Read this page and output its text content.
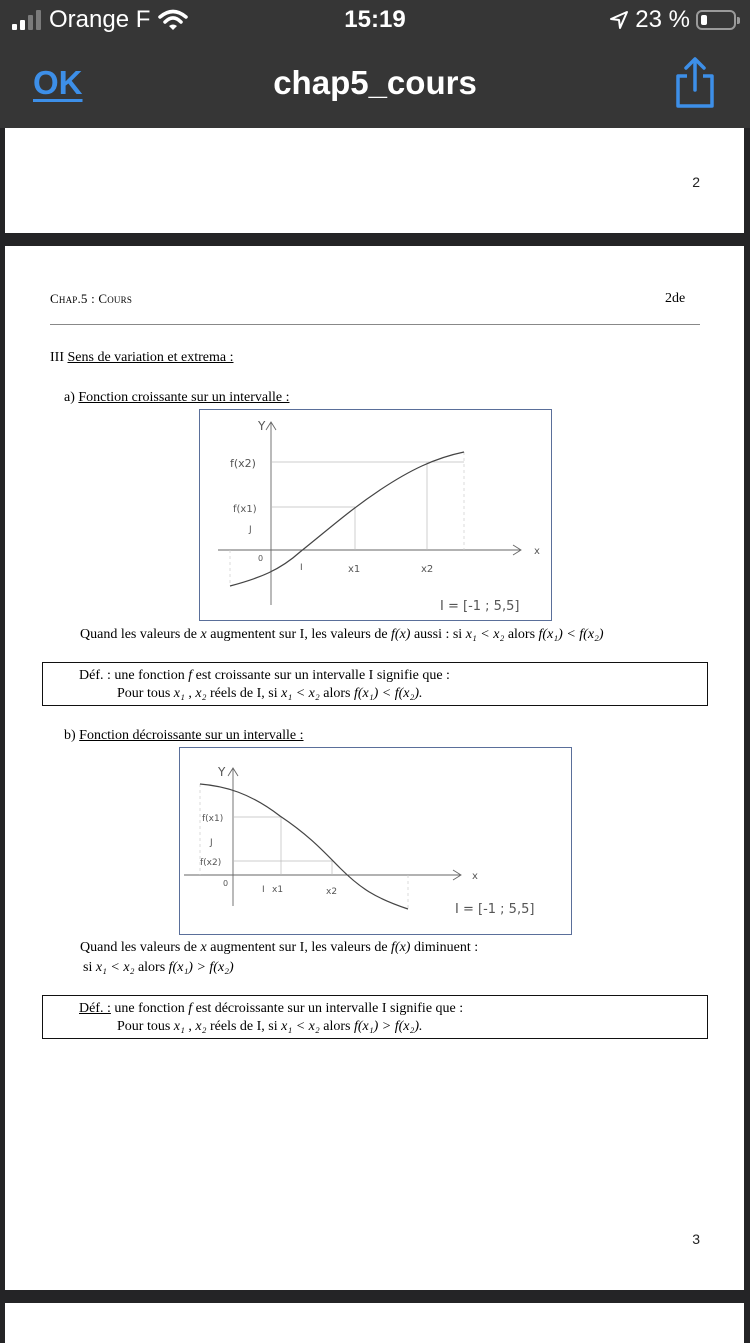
Orange F	15:19	23 %
OK	chap5_cours
2
3
Chap.5 : Cours	2de
III Sens de variation et extrema :
a) Fonction croissante sur un intervalle :
Y
x
0
f(x2)
f(x1)
J
I	x1	x2
I = [-1 ; 5,5]
Quand les valeurs de x augmentent sur I, les valeurs de f(x) aussi : si x₁ < x₂ alors f(x₁) < f(x₂)
Déf. : une fonction f est croissante sur un intervalle I signifie que :
Pour tous x₁ , x₂ réels de I, si x₁ < x₂ alors f(x₁) < f(x₂).
b) Fonction décroissante sur un intervalle :
Y
x
0
f(x1)
J
f(x2)
I x1	x2
I = [-1 ; 5,5]
Quand les valeurs de x augmentent sur I, les valeurs de f(x) diminuent :
si x₁ < x₂ alors f(x₁) > f(x₂)
Déf. : une fonction f est décroissante sur un intervalle I signifie que :
Pour tous x₁ , x₂ réels de I, si x₁ < x₂ alors f(x₁) > f(x₂).
